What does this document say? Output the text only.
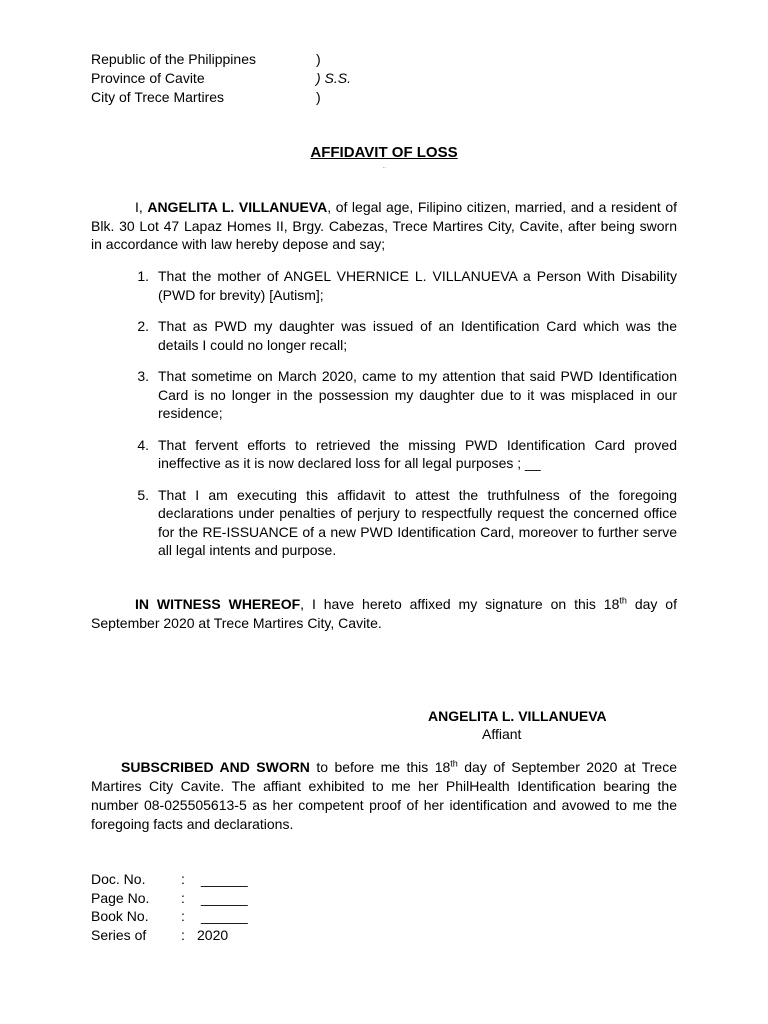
Republic of the Philippines	)
Province of Cavite	) S.S.
City of Trece Martires	)
AFFIDAVIT OF LOSS
¨
I, ANGELITA L. VILLANUEVA, of legal age, Filipino citizen, married, and a resident of Blk. 30 Lot 47 Lapaz Homes II, Brgy. Cabezas, Trece Martires City, Cavite, after being sworn in accordance with law hereby depose and say;
1. That the mother of ANGEL VHERNICE L. VILLANUEVA a Person With Disability (PWD for brevity) [Autism];
2. That as PWD my daughter was issued of an Identification Card which was the details I could no longer recall;
3. That sometime on March 2020, came to my attention that said PWD Identification Card is no longer in the possession my daughter due to it was misplaced in our residence;
4. That fervent efforts to retrieved the missing PWD Identification Card proved ineffective as it is now declared loss for all legal purposes ; __
5. That I am executing this affidavit to attest the truthfulness of the foregoing declarations under penalties of perjury to respectfully request the concerned office for the RE-ISSUANCE of a new PWD Identification Card, moreover to further serve all legal intents and purpose.
IN WITNESS WHEREOF, I have hereto affixed my signature on this 18th day of September 2020 at Trece Martires City, Cavite.
ANGELITA L. VILLANUEVA
Affiant
SUBSCRIBED AND SWORN to before me this 18th day of September 2020 at Trece Martires City Cavite. The affiant exhibited to me her PhilHealth Identification bearing the number 08-025505613-5 as her competent proof of her identification and avowed to me the foregoing facts and declarations.
Doc. No.	:	______
Page No.	:	______
Book No.	:	______
Series of	: 2020
